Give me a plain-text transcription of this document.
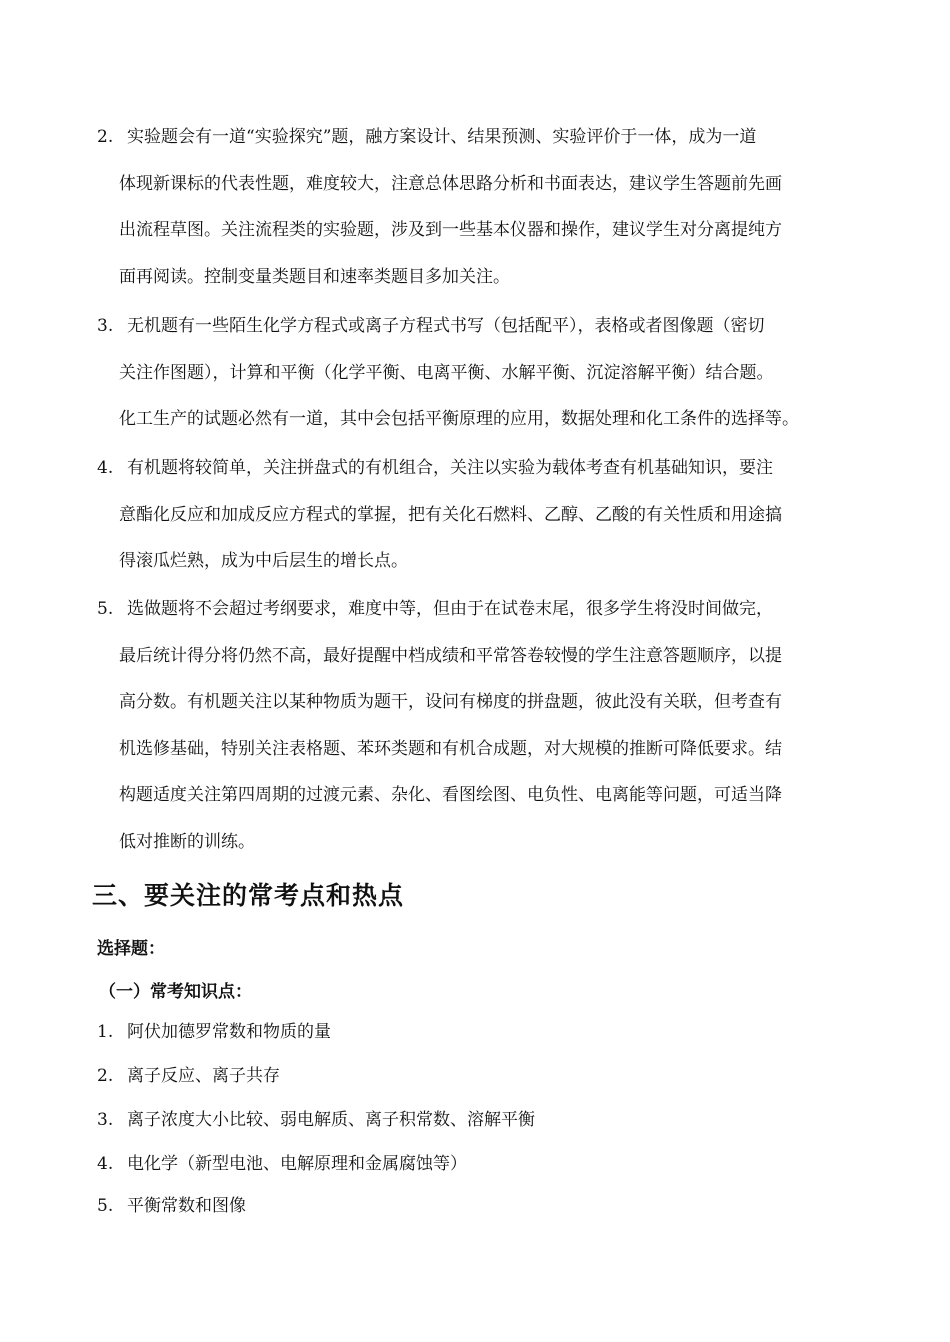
2. 实验题会有一道“实验探究”题，融方案设计、结果预测、实验评价于一体，成为一道
体现新课标的代表性题，难度较大，注意总体思路分析和书面表达，建议学生答题前先画
出流程草图。关注流程类的实验题，涉及到一些基本仪器和操作，建议学生对分离提纯方
面再阅读。控制变量类题目和速率类题目多加关注。
3. 无机题有一些陌生化学方程式或离子方程式书写（包括配平），表格或者图像题（密切
关注作图题），计算和平衡（化学平衡、电离平衡、水解平衡、沉淀溶解平衡）结合题。
化工生产的试题必然有一道，其中会包括平衡原理的应用，数据处理和化工条件的选择等。
4. 有机题将较简单，关注拼盘式的有机组合，关注以实验为载体考查有机基础知识，要注
意酯化反应和加成反应方程式的掌握，把有关化石燃料、乙醇、乙酸的有关性质和用途搞
得滚瓜烂熟，成为中后层生的增长点。
5. 选做题将不会超过考纲要求，难度中等，但由于在试卷末尾，很多学生将没时间做完，
最后统计得分将仍然不高，最好提醒中档成绩和平常答卷较慢的学生注意答题顺序，以提
高分数。有机题关注以某种物质为题干，设问有梯度的拼盘题，彼此没有关联，但考查有
机选修基础，特别关注表格题、苯环类题和有机合成题，对大规模的推断可降低要求。结
构题适度关注第四周期的过渡元素、杂化、看图绘图、电负性、电离能等问题，可适当降
低对推断的训练。
三、要关注的常考点和热点
选择题：
（一）常考知识点：
1. 阿伏加德罗常数和物质的量
2. 离子反应、离子共存
3. 离子浓度大小比较、弱电解质、离子积常数、溶解平衡
4. 电化学（新型电池、电解原理和金属腐蚀等）
5. 平衡常数和图像
